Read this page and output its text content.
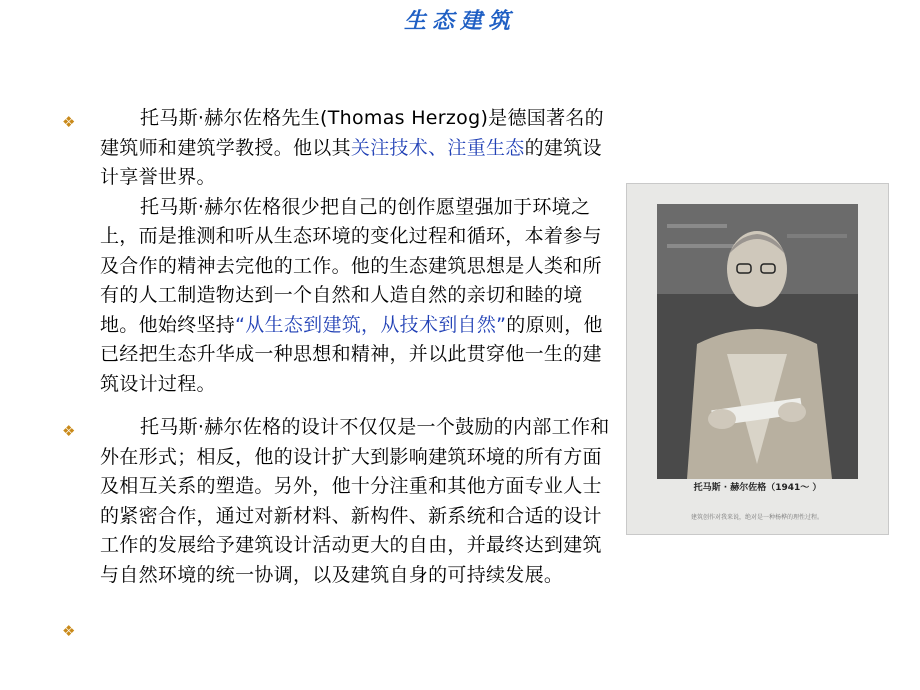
生态建筑
❖	托马斯·赫尔佐格先生(Thomas Herzog)是德国著名的建筑师和建筑学教授。他以其关注技术、注重生态的建筑设计享誉世界。
托马斯·赫尔佐格很少把自己的创作愿望强加于环境之上，而是推测和听从生态环境的变化过程和循环，本着参与及合作的精神去完他的工作。他的生态建筑思想是人类和所有的人工制造物达到一个自然和人造自然的亲切和睦的境地。他始终坚持“从生态到建筑，从技术到自然”的原则，他已经把生态升华成一种思想和精神，并以此贯穿他一生的建筑设计过程。
❖	托马斯·赫尔佐格的设计不仅仅是一个鼓励的内部工作和外在形式；相反，他的设计扩大到影响建筑环境的所有方面及相互关系的塑造。另外，他十分注重和其他方面专业人士的紧密合作，通过对新材料、新构件、新系统和合适的设计工作的发展给予建筑设计活动更大的自由，并最终达到建筑与自然环境的统一协调，以及建筑自身的可持续发展。
❖
托马斯 · 赫尔佐格（1941～ ）
建筑创作对我来说，绝对是一种杨桦的理性过程。
